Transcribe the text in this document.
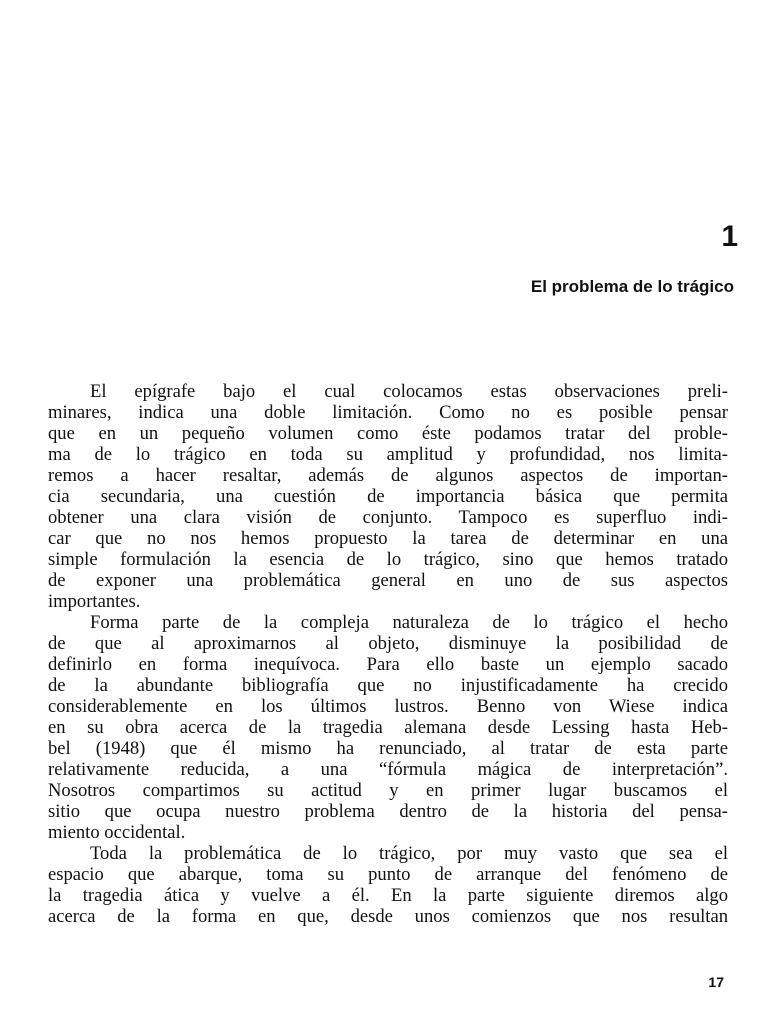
1
El problema de lo trágico
El epígrafe bajo el cual colocamos estas observaciones preli-
minares, indica una doble limitación. Como no es posible pensar
que en un pequeño volumen como éste podamos tratar del proble-
ma de lo trágico en toda su amplitud y profundidad, nos limita-
remos a hacer resaltar, además de algunos aspectos de importan-
cia secundaria, una cuestión de importancia básica que permita
obtener una clara visión de conjunto. Tampoco es superfluo indi-
car que no nos hemos propuesto la tarea de determinar en una
simple formulación la esencia de lo trágico, sino que hemos tratado
de exponer una problemática general en uno de sus aspectos
importantes.
Forma parte de la compleja naturaleza de lo trágico el hecho
de que al aproximarnos al objeto, disminuye la posibilidad de
definirlo en forma inequívoca. Para ello baste un ejemplo sacado
de la abundante bibliografía que no injustificadamente ha crecido
considerablemente en los últimos lustros. Benno von Wiese indica
en su obra acerca de la tragedia alemana desde Lessing hasta Heb-
bel (1948) que él mismo ha renunciado, al tratar de esta parte
relativamente reducida, a una “fórmula mágica de interpretación”.
Nosotros compartimos su actitud y en primer lugar buscamos el
sitio que ocupa nuestro problema dentro de la historia del pensa-
miento occidental.
Toda la problemática de lo trágico, por muy vasto que sea el
espacio que abarque, toma su punto de arranque del fenómeno de
la tragedia ática y vuelve a él. En la parte siguiente diremos algo
acerca de la forma en que, desde unos comienzos que nos resultan
17
